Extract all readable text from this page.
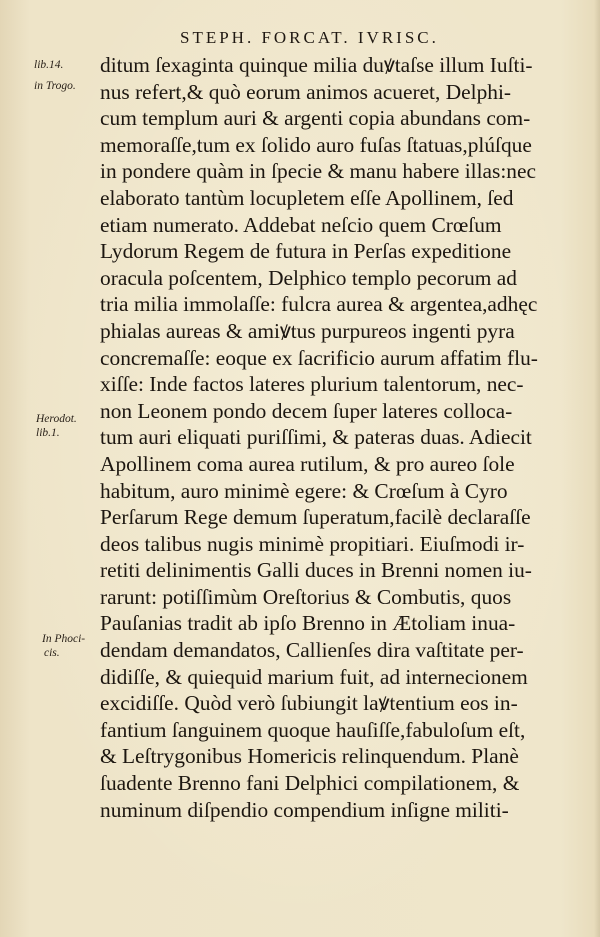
STEPH. FORCAT. IVRISC.
lib.14.
in Trogo.
Herodot.
lib.1.
In Phoci-
cis.
ditum ſexaginta quinque milia duꝟtaſse illum Iuſti-
nus refert,& quò eorum animos acueret, Delphi-
cum templum auri & argenti copia abundans com-
memoraſſe,tum ex ſolido auro fuſas ſtatuas,plúſque
in pondere quàm in ſpecie & manu habere illas:nec
elaborato tantùm locupletem eſſe Apollinem, ſed
etiam numerato. Addebat neſcio quem Crœſum
Lydorum Regem de futura in Perſas expeditione
oracula poſcentem, Delphico templo pecorum ad
tria milia immolaſſe: fulcra aurea & argentea,adhęc
phialas aureas & amiꝟtus purpureos ingenti pyra
concremaſſe: eoque ex ſacrificio aurum affatim flu-
xiſſe: Inde factos lateres plurium talentorum, nec-
non Leonem pondo decem ſuper lateres colloca-
tum auri eliquati puriſſimi, & pateras duas. Adiecit
Apollinem coma aurea rutilum, & pro aureo ſole
habitum, auro minimè egere: & Crœſum à Cyro
Perſarum Rege demum ſuperatum,facilè declaraſſe
deos talibus nugis minimè propitiari. Eiuſmodi ir-
retiti delinimentis Galli duces in Brenni nomen iu-
rarunt: potiſſimùm Oreſtorius & Combutis, quos
Pauſanias tradit ab ipſo Brenno in Ætoliam inua-
dendam demandatos, Callienſes dira vaſtitate per-
didiſſe, & quiequid marium fuit, ad internecionem
excidiſſe. Quòd verò ſubiungit laꝟtentium eos in-
fantium ſanguinem quoque hauſiſſe,fabuloſum eſt,
& Leſtrygonibus Homericis relinquendum. Planè
ſuadente Brenno fani Delphici compilationem, &
numinum diſpendio compendium inſigne militi-
